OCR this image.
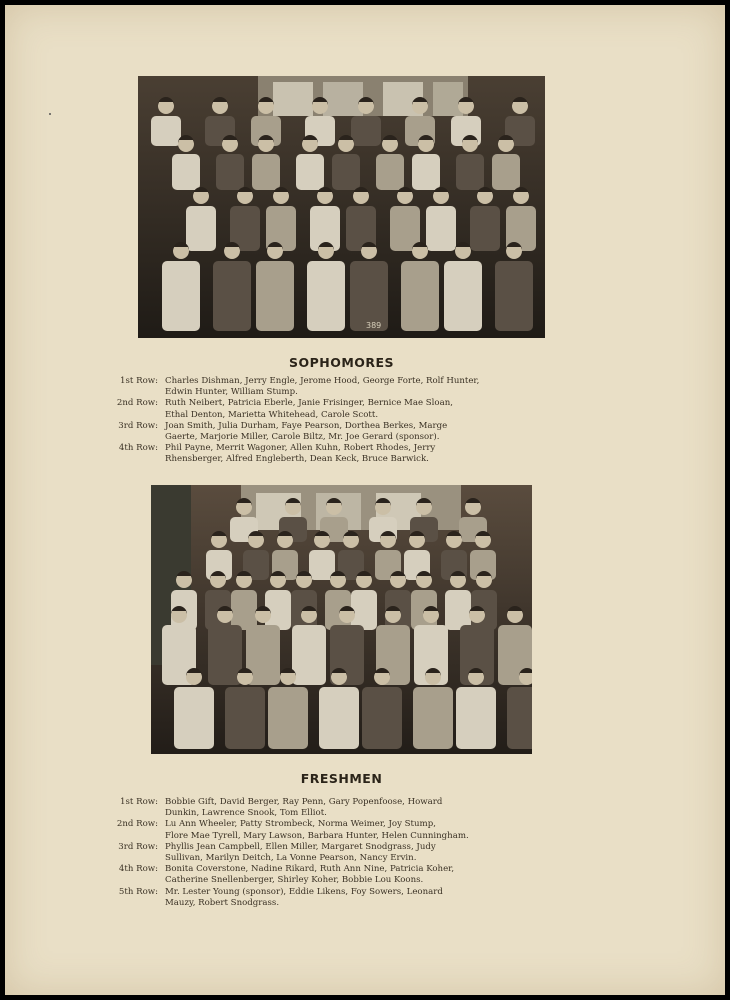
389
SOPHOMORES
1st Row: Charles Dishman, Jerry Engle, Jerome Hood, George Forte, Rolf Hunter,
Edwin Hunter, William Stump.
2nd Row: Ruth Neibert, Patricia Eberle, Janie Frisinger, Bernice Mae Sloan,
Ethal Denton, Marietta Whitehead, Carole Scott.
3rd Row: Joan Smith, Julia Durham, Faye Pearson, Dorthea Berkes, Marge
Gaerte, Marjorie Miller, Carole Biltz, Mr. Joe Gerard (sponsor).
4th Row: Phil Payne, Merrit Wagoner, Allen Kuhn, Robert Rhodes, Jerry
Rhensberger, Alfred Engleberth, Dean Keck, Bruce Barwick.
FRESHMEN
1st Row: Bobbie Gift, David Berger, Ray Penn, Gary Popenfoose, Howard
Dunkin, Lawrence Snook, Tom Elliot.
2nd Row: Lu Ann Wheeler, Patty Strombeck, Norma Weimer, Joy Stump,
Flore Mae Tyrell, Mary Lawson, Barbara Hunter, Helen Cunningham.
3rd Row: Phyllis Jean Campbell, Ellen Miller, Margaret Snodgrass, Judy
Sullivan, Marilyn Deitch, La Vonne Pearson, Nancy Ervin.
4th Row: Bonita Coverstone, Nadine Rikard, Ruth Ann Nine, Patricia Koher,
Catherine Snellenberger, Shirley Koher, Bobbie Lou Koons.
5th Row: Mr. Lester Young (sponsor), Eddie Likens, Foy Sowers, Leonard
Mauzy, Robert Snodgrass.
